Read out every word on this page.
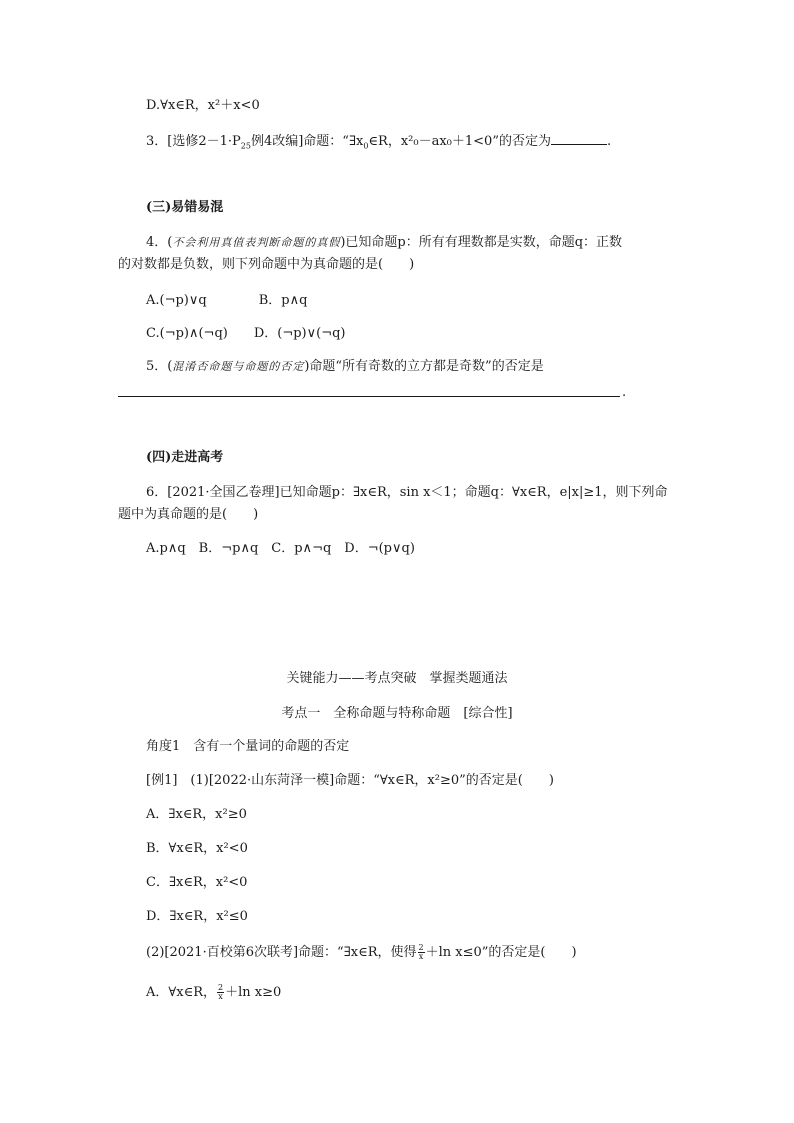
D.∀x∈R，x²＋x<0
3．[选修$2-1\cdot P_{25}$例4改编]命题：“$\exists x_0\in R$，x²₀－ax₀＋1<0”的否定为	.
(三)易错易混
4．(不会利用真值表判断命题的真假)已知命题p：所有有理数都是实数，命题q：正数
的对数都是负数，则下列命题中为真命题的是(　　)
A.(¬p)∨q　　　　B．p∧q
C.(¬p)∧(¬q)　　D．(¬p)∨(¬q)
5．(混淆否命题与命题的否定)命题“所有奇数的立方都是奇数”的否定是
.
(四)走进高考
6．[2021·全国乙卷理]已知命题p：∃x∈R，sin x＜1；命题q：∀x∈R，e|x|≥1，则下列命
题中为真命题的是(　　)
A.p∧q　B．¬p∧q　C．p∧¬q　D．¬(p∨q)
关键能力——考点突破　掌握类题通法
考点一　全称命题与特称命题　[综合性]
角度1　含有一个量词的命题的否定
[例1]　(1)[2022·山东菏泽一模]命题：“∀x∈R，x²≥0”的否定是(　　)
A．∃x∈R，x²≥0
B．∀x∈R，x²<0
C．∃x∈R，x²<0
D．∃x∈R，x²≤0
(2)[2021·百校第6次联考]命题：“∃x∈R，使得 $\frac{2}{x} +\ln$ x≤0”的否定是(　　)
A．∀x∈R， $\frac{2}{x} +\ln$ x≥0
